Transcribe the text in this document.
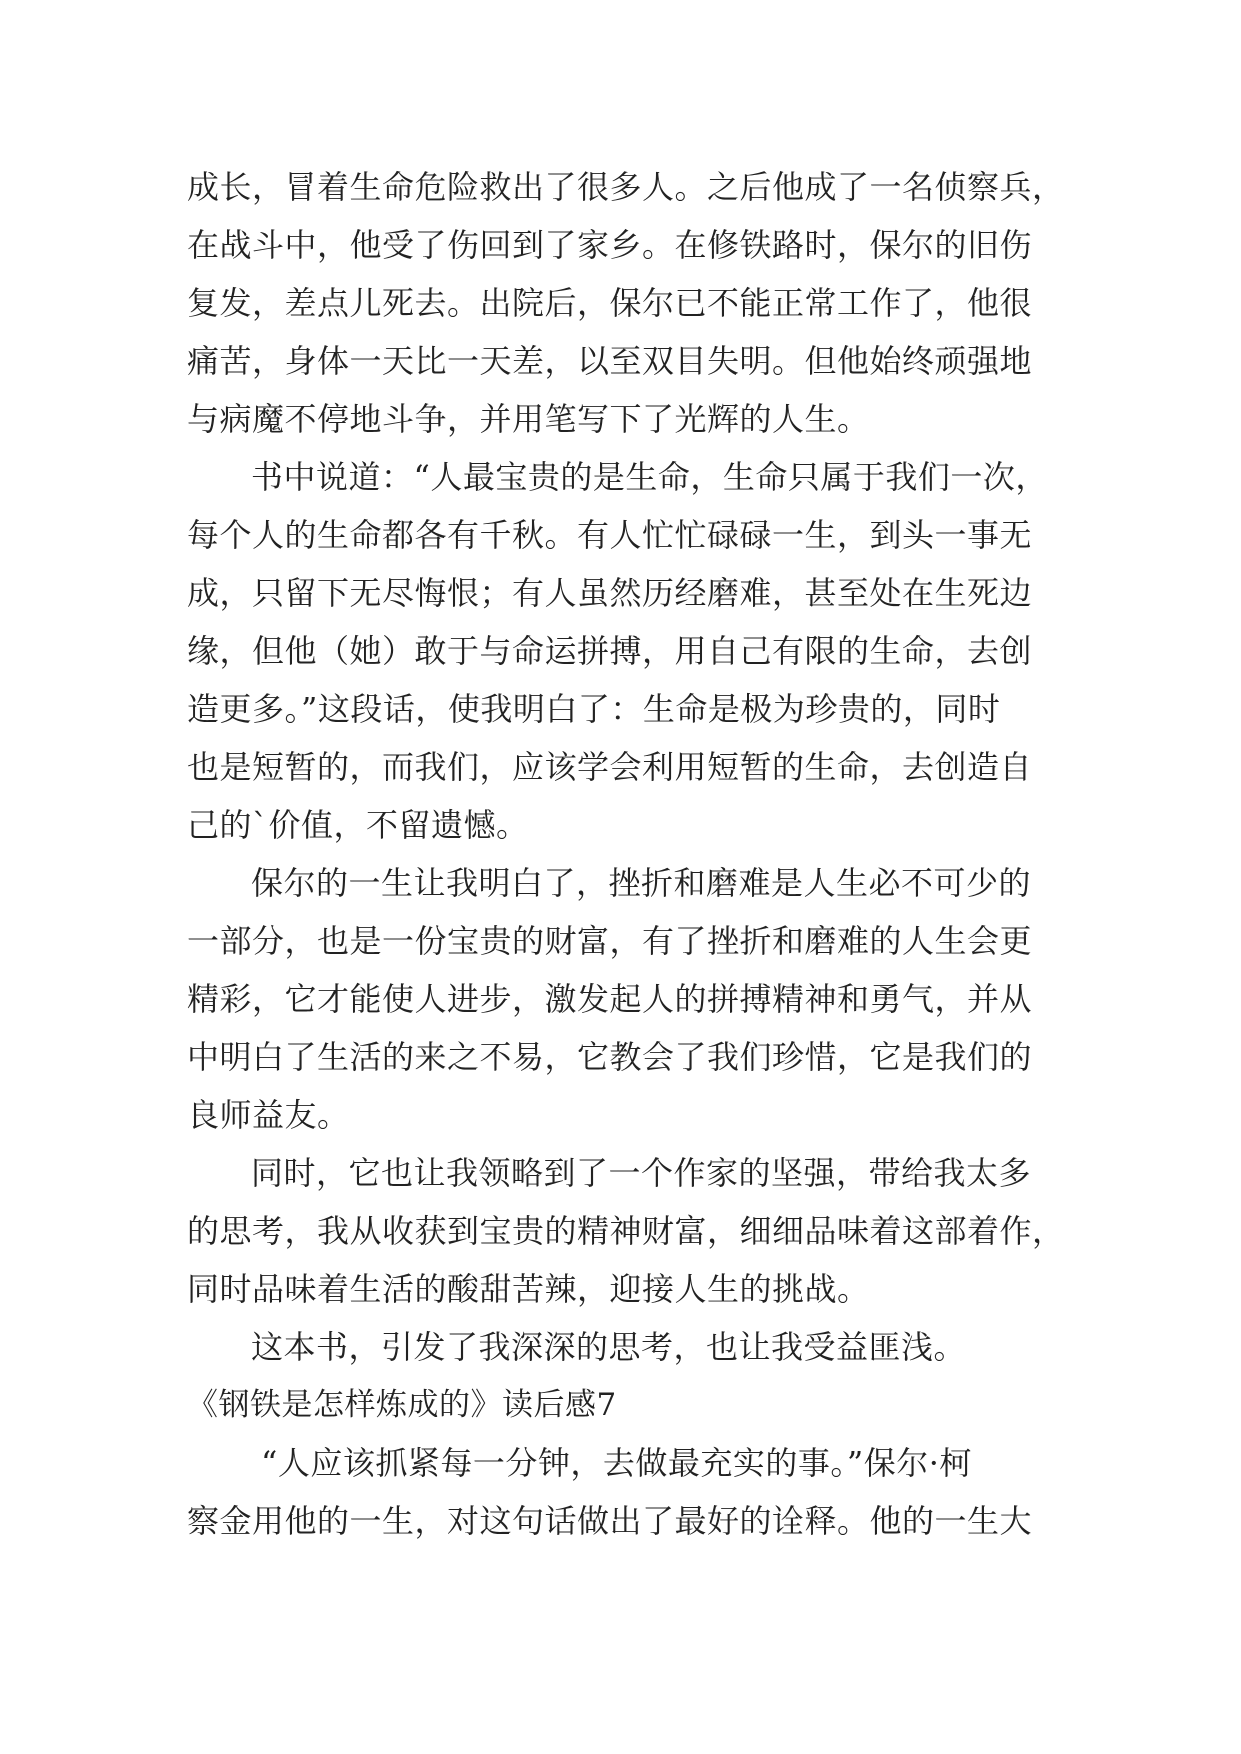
成长，冒着生命危险救出了很多人。之后他成了一名侦察兵，
在战斗中，他受了伤回到了家乡。在修铁路时，保尔的旧伤
复发，差点儿死去。出院后，保尔已不能正常工作了，他很
痛苦，身体一天比一天差，以至双目失明。但他始终顽强地
与病魔不停地斗争，并用笔写下了光辉的人生。
书中说道：“人最宝贵的是生命，生命只属于我们一次，
每个人的生命都各有千秋。有人忙忙碌碌一生，到头一事无
成，只留下无尽悔恨；有人虽然历经磨难，甚至处在生死边
缘，但他（她）敢于与命运拼搏，用自己有限的生命，去创
造更多。”这段话，使我明白了：生命是极为珍贵的，同时
也是短暂的，而我们，应该学会利用短暂的生命，去创造自
己的`价值，不留遗憾。
保尔的一生让我明白了，挫折和磨难是人生必不可少的
一部分，也是一份宝贵的财富，有了挫折和磨难的人生会更
精彩，它才能使人进步，激发起人的拼搏精神和勇气，并从
中明白了生活的来之不易，它教会了我们珍惜，它是我们的
良师益友。
同时，它也让我领略到了一个作家的坚强，带给我太多
的思考，我从收获到宝贵的精神财富，细细品味着这部着作，
同时品味着生活的酸甜苦辣，迎接人生的挑战。
这本书，引发了我深深的思考，也让我受益匪浅。
《钢铁是怎样炼成的》读后感7
“人应该抓紧每一分钟，去做最充实的事。”保尔·柯
察金用他的一生，对这句话做出了最好的诠释。他的一生大
